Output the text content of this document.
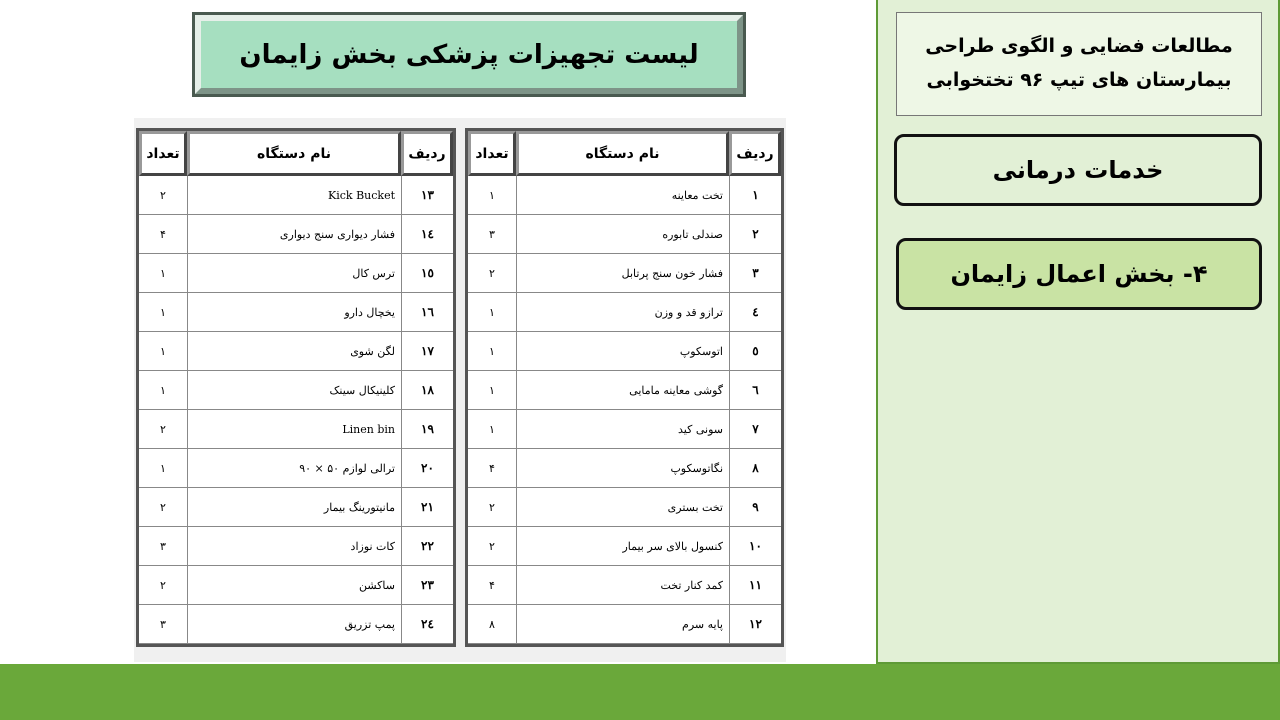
لیست تجهیزات پزشکی بخش زایمان
ردیف	نام دستگاه	تعداد
۱	تخت معاینه	۱
۲	صندلی تابوره	۳
۳	فشار خون سنج پرتابل	۲
٤	ترازو قد و وزن	۱
٥	اتوسکوپ	۱
٦	گوشی معاینه مامایی	۱
۷	سونی کید	۱
۸	نگاتوسکوپ	۴
۹	تخت بستری	۲
۱۰	کنسول بالای سر بیمار	۲
۱۱	کمد کنار تخت	۴
۱۲	پایه سرم	۸
ردیف	نام دستگاه	تعداد
۱۳	Kick Bucket	۲
۱٤	فشار دیواری سنج دیواری	۴
۱٥	ترس کال	۱
۱٦	یخچال دارو	۱
۱۷	لگن شوی	۱
۱۸	کلینیکال سینک	۱
۱۹	Linen bin	۲
۲۰	ترالی لوازم ۵۰ × ۹۰	۱
۲۱	مانیتورینگ بیمار	۲
۲۲	کات نوزاد	۳
۲۳	ساکشن	۲
۲٤	پمپ تزریق	۳
مطالعات فضایی و الگوی طراحی
بیمارستان های تیپ ۹۶ تختخوابی
خدمات درمانی
۴- بخش اعمال زایمان
